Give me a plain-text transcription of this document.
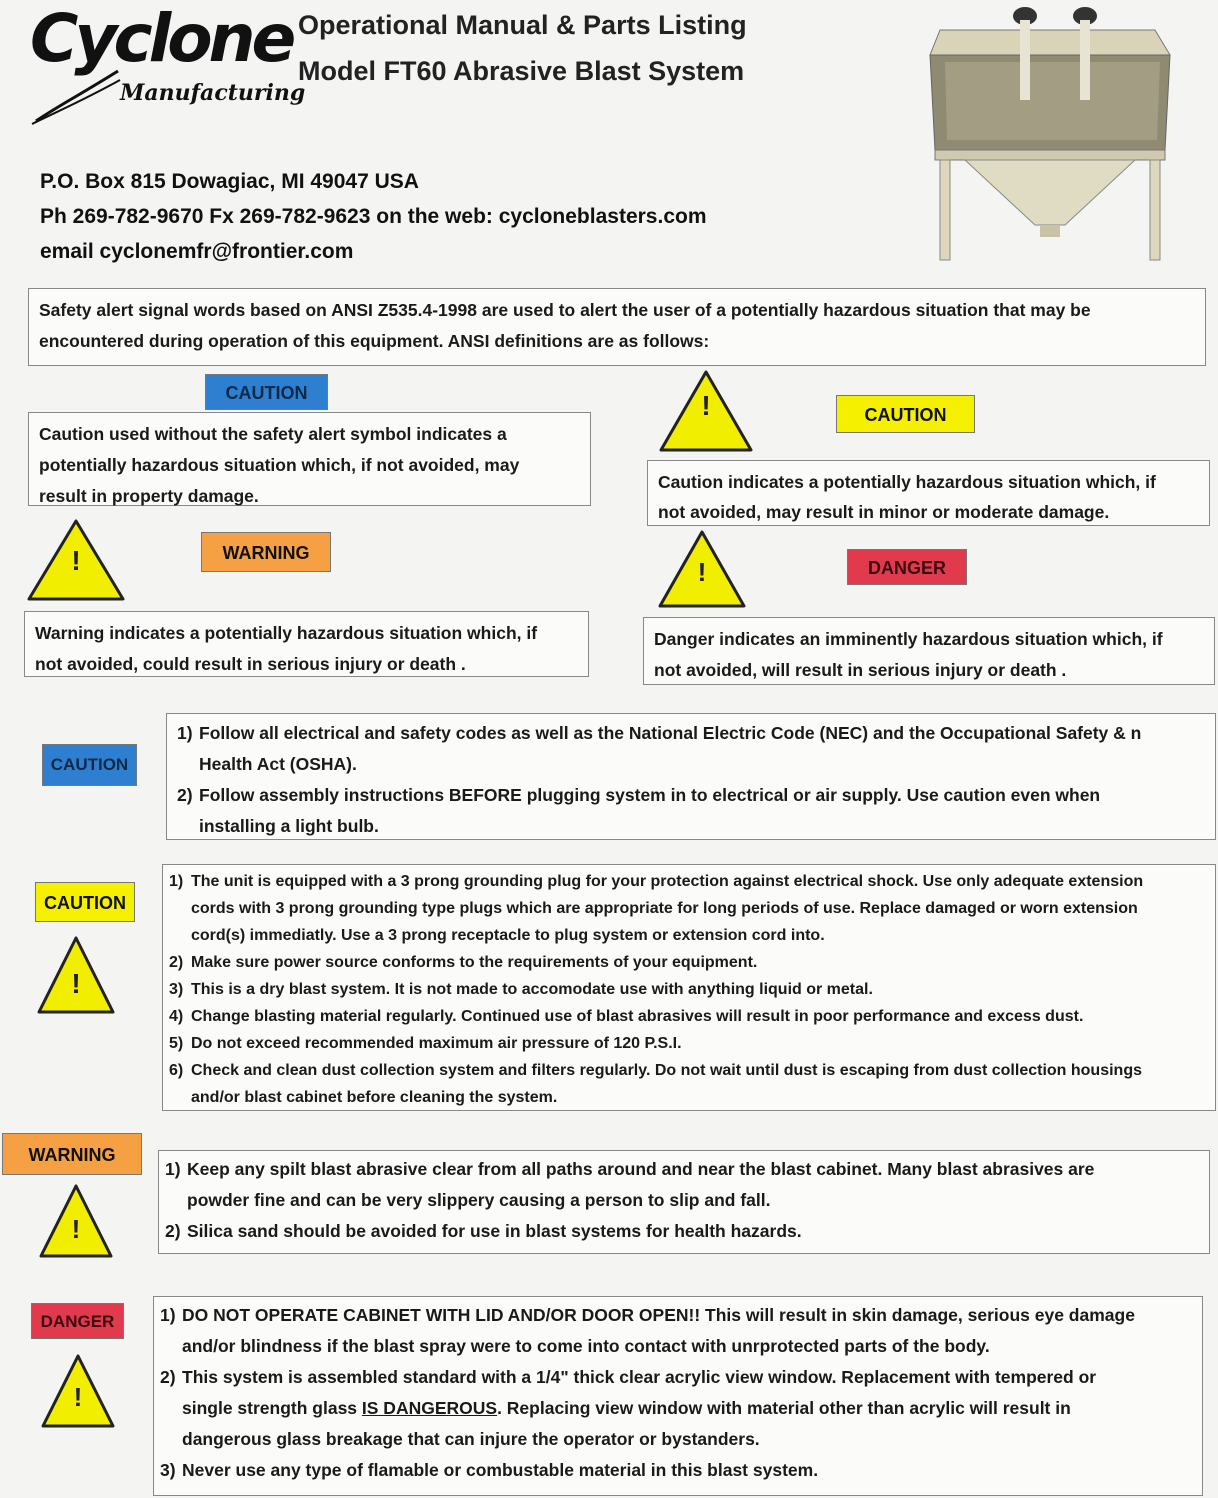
Cyclone
Manufacturing
Operational Manual & Parts Listing
Model FT60 Abrasive Blast System
P.O. Box 815 Dowagiac, MI 49047 USA
Ph 269-782-9670 Fx 269-782-9623 on the web: cycloneblasters.com
email cyclonemfr@frontier.com

Safety alert signal words based on ANSI Z535.4-1998 are used to alert the user of a potentially hazardous situation that may be

encountered during operation of this equipment. ANSI definitions are as follows:

CAUTION

Caution used without the safety alert symbol indicates a

potentially hazardous situation which, if not avoided, may

result in property damage.

!	CAUTION

Caution indicates a potentially hazardous situation which, if

not avoided, may result in minor or moderate damage.

!	WARNING

Warning indicates a potentially hazardous situation which, if

not avoided, could result in serious injury or death .

!	DANGER

Danger indicates an imminently hazardous situation which, if

not avoided, will result in serious injury or death .

CAUTION
1) Follow all electrical and safety codes as well as the National Electric Code (NEC) and the Occupational Safety & n
Health Act (OSHA).
2) Follow assembly instructions BEFORE plugging system in to electrical or air supply. Use caution even when
installing a light bulb.
CAUTION
!
1) The unit is equipped with a 3 prong grounding plug for your protection against electrical shock. Use only adequate extension
cords with 3 prong grounding type plugs which are appropriate for long periods of use. Replace damaged or worn extension
cord(s) immediatly. Use a 3 prong receptacle to plug system or extension cord into.
2) Make sure power source conforms to the requirements of your equipment.
3) This is a dry blast system. It is not made to accomodate use with anything liquid or metal.
4) Change blasting material regularly. Continued use of blast abrasives will result in poor performance and excess dust.
5) Do not exceed recommended maximum air pressure of 120 P.S.I.
6) Check and clean dust collection system and filters regularly. Do not wait until dust is escaping from dust collection housings
and/or blast cabinet before cleaning the system.
WARNING
!
1) Keep any spilt blast abrasive clear from all paths around and near the blast cabinet. Many blast abrasives are
powder fine and can be very slippery causing a person to slip and fall.
2) Silica sand should be avoided for use in blast systems for health hazards.
DANGER
!
1) DO NOT OPERATE CABINET WITH LID AND/OR DOOR OPEN!! This will result in skin damage, serious eye damage
and/or blindness if the blast spray were to come into contact with unrprotected parts of the body.
2) This system is assembled standard with a 1/4" thick clear acrylic view window. Replacement with tempered or
single strength glass IS DANGEROUS. Replacing view window with material other than acrylic will result in
dangerous glass breakage that can injure the operator or bystanders.
3) Never use any type of flamable or combustable material in this blast system.
